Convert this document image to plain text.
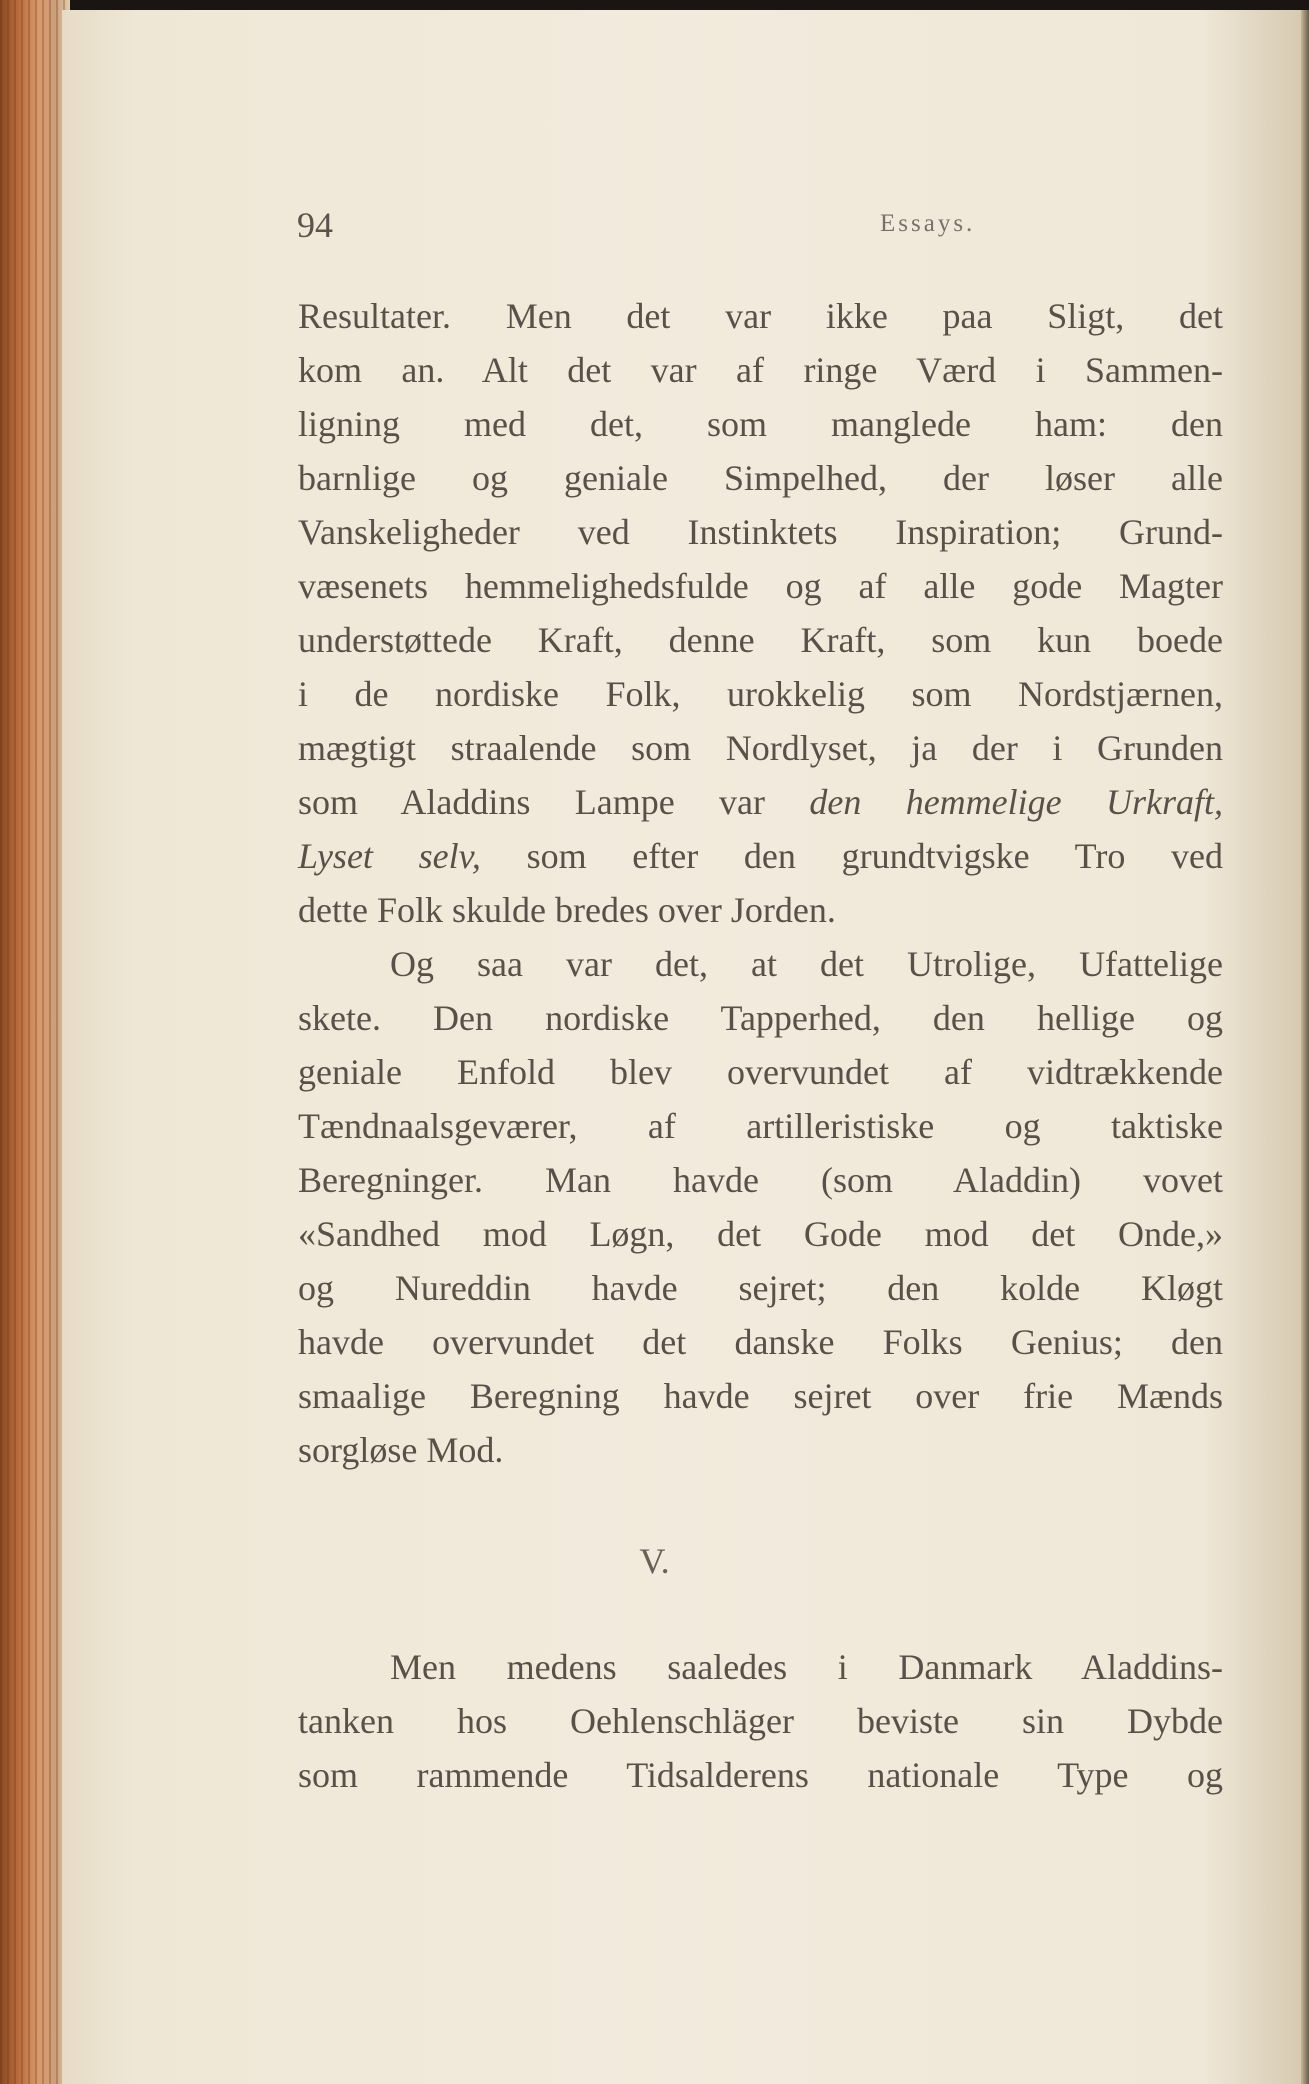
94	Essays.
Resultater. Men det var ikke paa Sligt, det
kom an. Alt det var af ringe Værd i Sammen-
ligning med det, som manglede ham: den
barnlige og geniale Simpelhed, der løser alle
Vanskeligheder ved Instinktets Inspiration; Grund-
væsenets hemmelighedsfulde og af alle gode Magter
understøttede Kraft, denne Kraft, som kun boede
i de nordiske Folk, urokkelig som Nordstjærnen,
mægtigt straalende som Nordlyset, ja der i Grunden
som Aladdins Lampe var den hemmelige Urkraft,
Lyset selv, som efter den grundtvigske Tro ved
dette Folk skulde bredes over Jorden.
Og saa var det, at det Utrolige, Ufattelige
skete. Den nordiske Tapperhed, den hellige og
geniale Enfold blev overvundet af vidtrækkende
Tændnaalsgeværer, af artilleristiske og taktiske
Beregninger. Man havde (som Aladdin) vovet
«Sandhed mod Løgn, det Gode mod det Onde,»
og Nureddin havde sejret; den kolde Kløgt
havde overvundet det danske Folks Genius; den
smaalige Beregning havde sejret over frie Mænds
sorgløse Mod.
V.
Men medens saaledes i Danmark Aladdins-
tanken hos Oehlenschläger beviste sin Dybde
som rammende Tidsalderens nationale Type og
